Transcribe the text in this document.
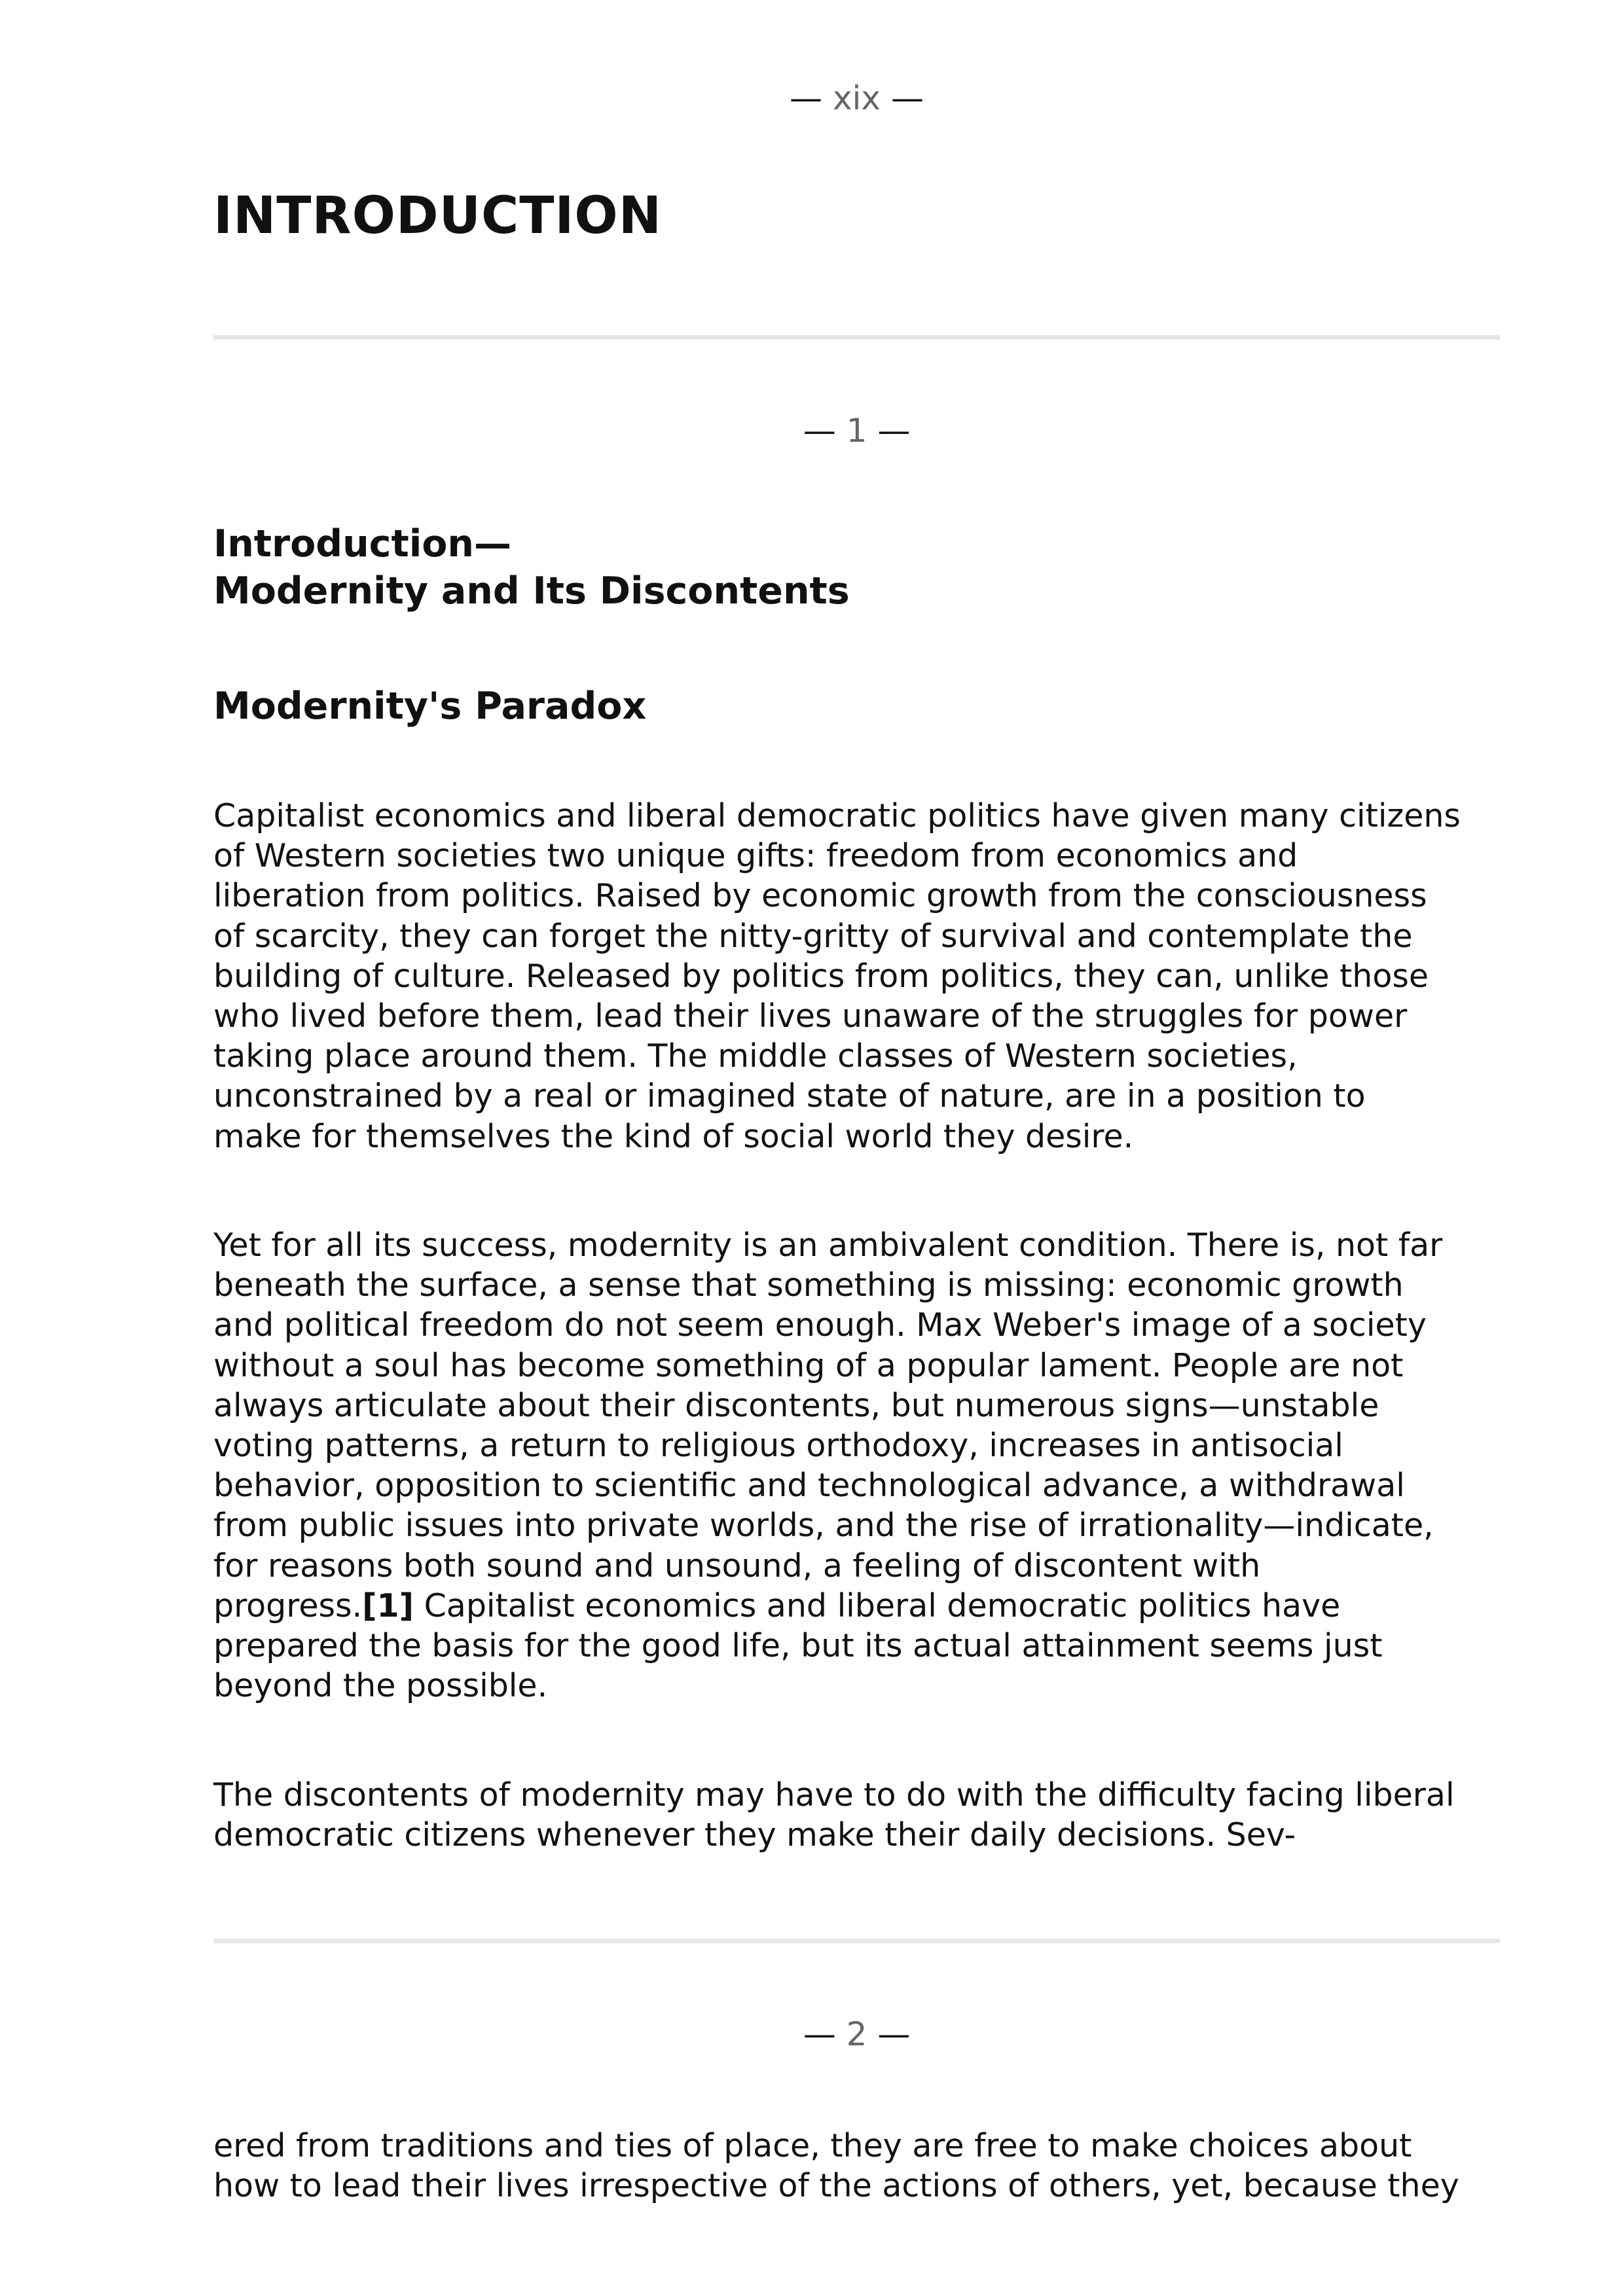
— xix —
INTRODUCTION
— 1 —
Introduction—
Modernity and Its Discontents
Modernity's Paradox

Capitalist economics and liberal democratic politics have given many citizens
of Western societies two unique gifts: freedom from economics and
liberation from politics. Raised by economic growth from the consciousness
of scarcity, they can forget the nitty-gritty of survival and contemplate the
building of culture. Released by politics from politics, they can, unlike those
who lived before them, lead their lives unaware of the struggles for power
taking place around them. The middle classes of Western societies,
unconstrained by a real or imagined state of nature, are in a position to
make for themselves the kind of social world they desire.

Yet for all its success, modernity is an ambivalent condition. There is, not far
beneath the surface, a sense that something is missing: economic growth
and political freedom do not seem enough. Max Weber's image of a society
without a soul has become something of a popular lament. People are not
always articulate about their discontents, but numerous signs—unstable
voting patterns, a return to religious orthodoxy, increases in antisocial
behavior, opposition to scientific and technological advance, a withdrawal
from public issues into private worlds, and the rise of irrationality—indicate,
for reasons both sound and unsound, a feeling of discontent with
progress.[1] Capitalist economics and liberal democratic politics have
prepared the basis for the good life, but its actual attainment seems just
beyond the possible.

The discontents of modernity may have to do with the difficulty facing liberal
democratic citizens whenever they make their daily decisions. Sev-

— 2 —

ered from traditions and ties of place, they are free to make choices about
how to lead their lives irrespective of the actions of others, yet, because they
